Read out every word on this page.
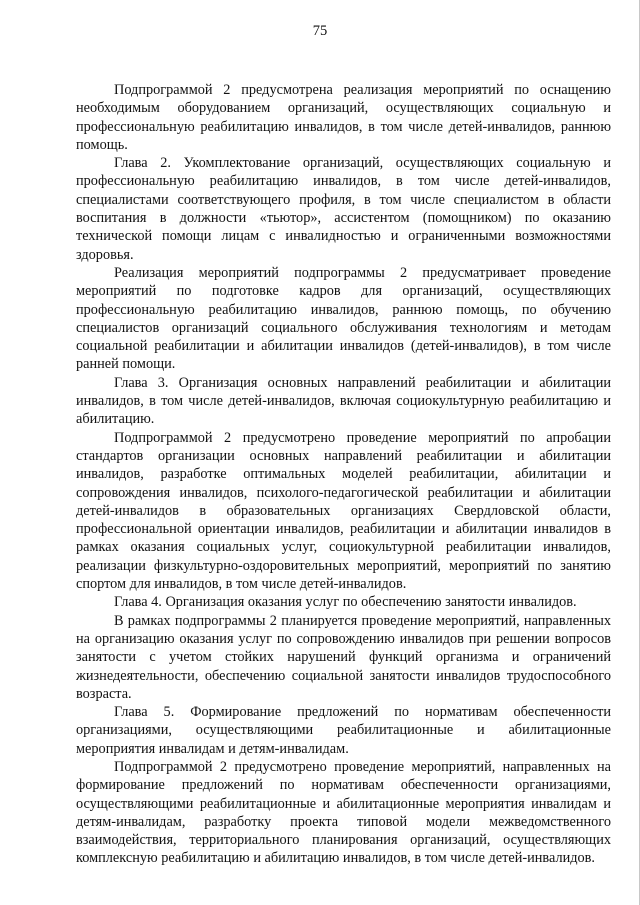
75

Подпрограммой 2 предусмотрена реализация мероприятий по оснащению необходимым оборудованием организаций, осуществляющих социальную и профессиональную реабилитацию инвалидов, в том числе детей-инвалидов, раннюю помощь.

Глава 2. Укомплектование организаций, осуществляющих социальную и профессиональную реабилитацию инвалидов, в том числе детей-инвалидов, специалистами соответствующего профиля, в том числе специалистом в области воспитания в должности «тьютор», ассистентом (помощником) по оказанию технической помощи лицам с инвалидностью и ограниченными возможностями здоровья.

Реализация мероприятий подпрограммы 2 предусматривает проведение мероприятий по подготовке кадров для организаций, осуществляющих профессиональную реабилитацию инвалидов, раннюю помощь, по обучению специалистов организаций социального обслуживания технологиям и методам социальной реабилитации и абилитации инвалидов (детей-инвалидов), в том числе ранней помощи.

Глава 3. Организация основных направлений реабилитации и абилитации инвалидов, в том числе детей-инвалидов, включая социокультурную реабилитацию и абилитацию.

Подпрограммой 2 предусмотрено проведение мероприятий по апробации стандартов организации основных направлений реабилитации и абилитации инвалидов, разработке оптимальных моделей реабилитации, абилитации и сопровождения инвалидов, психолого-педагогической реабилитации и абилитации детей-инвалидов в образовательных организациях Свердловской области, профессиональной ориентации инвалидов, реабилитации и абилитации инвалидов в рамках оказания социальных услуг, социокультурной реабилитации инвалидов, реализации физкультурно-оздоровительных мероприятий, мероприятий по занятию спортом для инвалидов, в том числе детей-инвалидов.

Глава 4. Организация оказания услуг по обеспечению занятости инвалидов.

В рамках подпрограммы 2 планируется проведение мероприятий, направленных на организацию оказания услуг по сопровождению инвалидов при решении вопросов занятости с учетом стойких нарушений функций организма и ограничений жизнедеятельности, обеспечению социальной занятости инвалидов трудоспособного возраста.

Глава 5. Формирование предложений по нормативам обеспеченности организациями, осуществляющими реабилитационные и абилитационные мероприятия инвалидам и детям-инвалидам.

Подпрограммой 2 предусмотрено проведение мероприятий, направленных на формирование предложений по нормативам обеспеченности организациями, осуществляющими реабилитационные и абилитационные мероприятия инвалидам и детям-инвалидам, разработку проекта типовой модели межведомственного взаимодействия, территориального планирования организаций, осуществляющих комплексную реабилитацию и абилитацию инвалидов, в том числе детей-инвалидов.
